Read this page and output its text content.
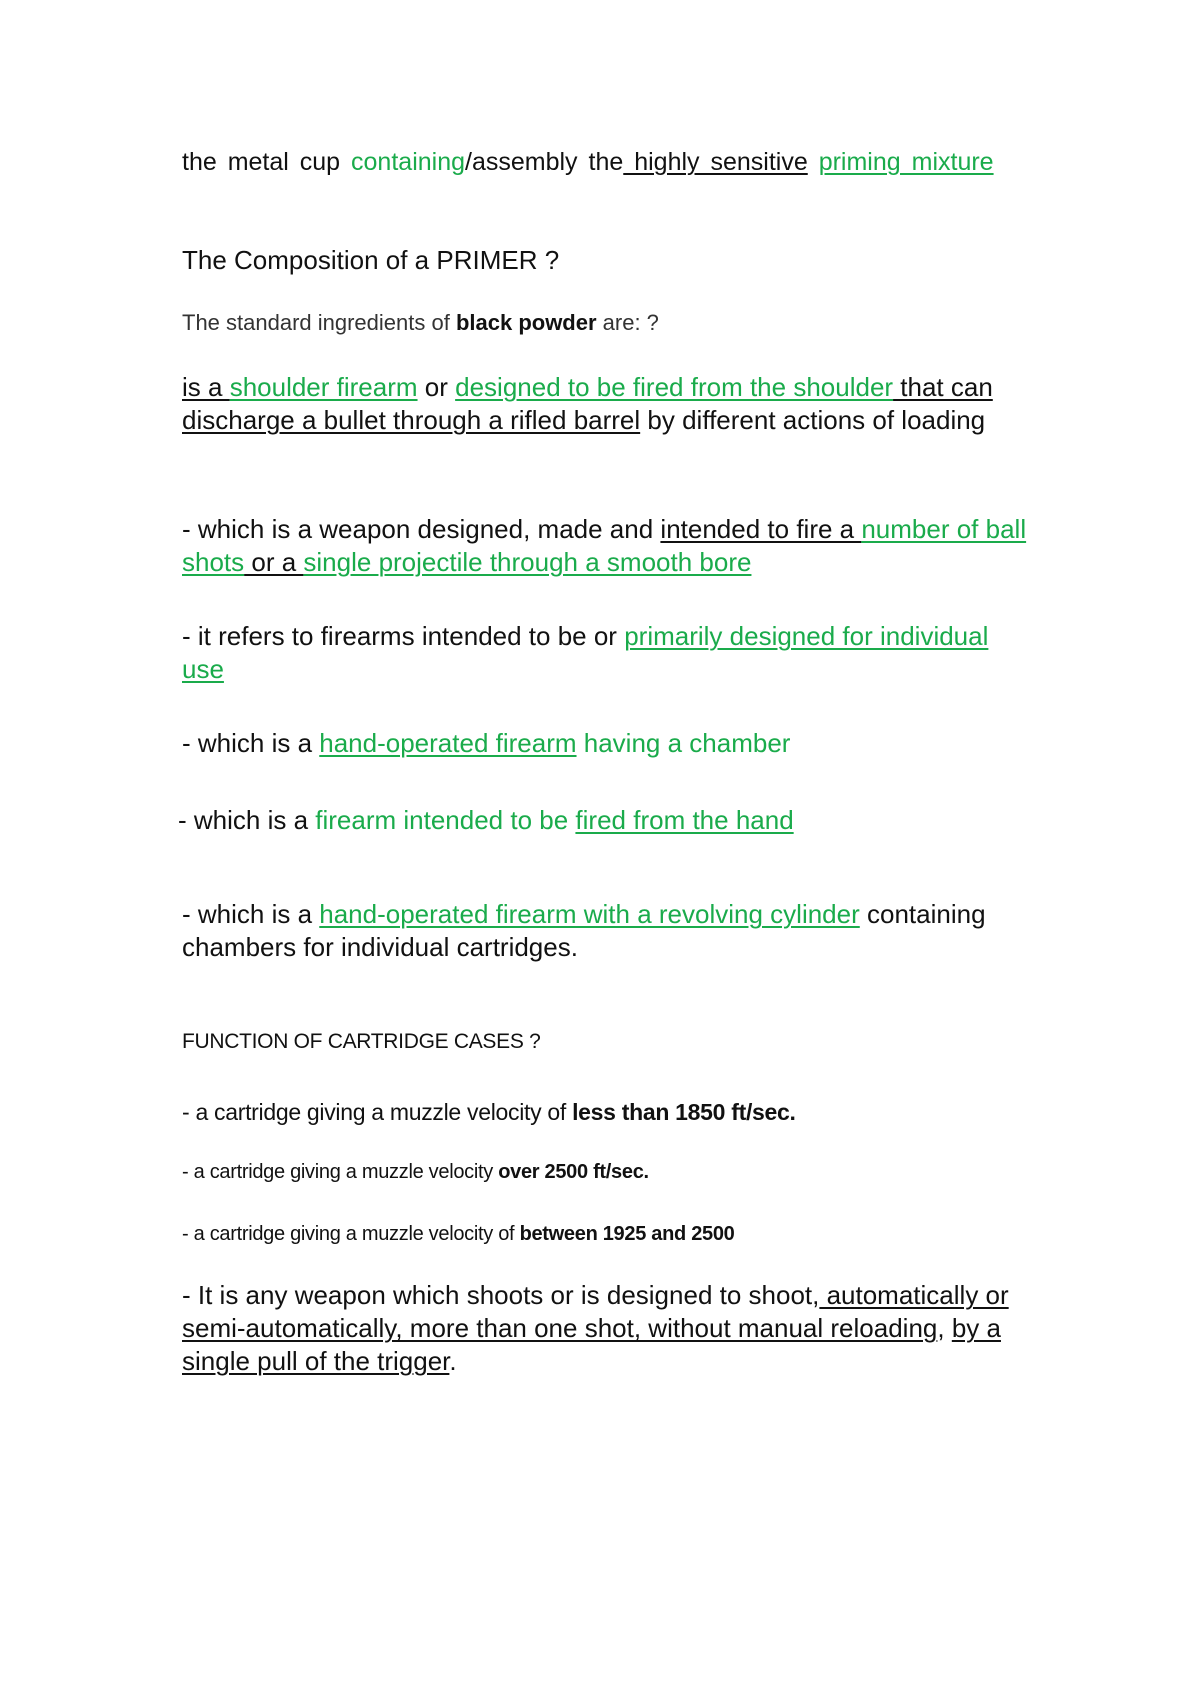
the metal cup containing/assembly the highly sensitive priming mixture

The Composition of a PRIMER ?

The standard ingredients of black powder are: ?

is a shoulder firearm or designed to be fired from the shoulder that can discharge a bullet through a rifled barrel by different actions of loading

- which is a weapon designed, made and intended to fire a number of ball shots or a single projectile through a smooth bore

- it refers to firearms intended to be or primarily designed for individual use

- which is a hand-operated firearm having a chamber

- which is a firearm intended to be fired from the hand

- which is a hand-operated firearm with a revolving cylinder containing chambers for individual cartridges.

FUNCTION OF CARTRIDGE CASES ?

- a cartridge giving a muzzle velocity of less than 1850 ft/sec.

- a cartridge giving a muzzle velocity over 2500 ft/sec.

- a cartridge giving a muzzle velocity of between 1925 and 2500

- It is any weapon which shoots or is designed to shoot, automatically or semi-automatically, more than one shot, without manual reloading, by a single pull of the trigger.
